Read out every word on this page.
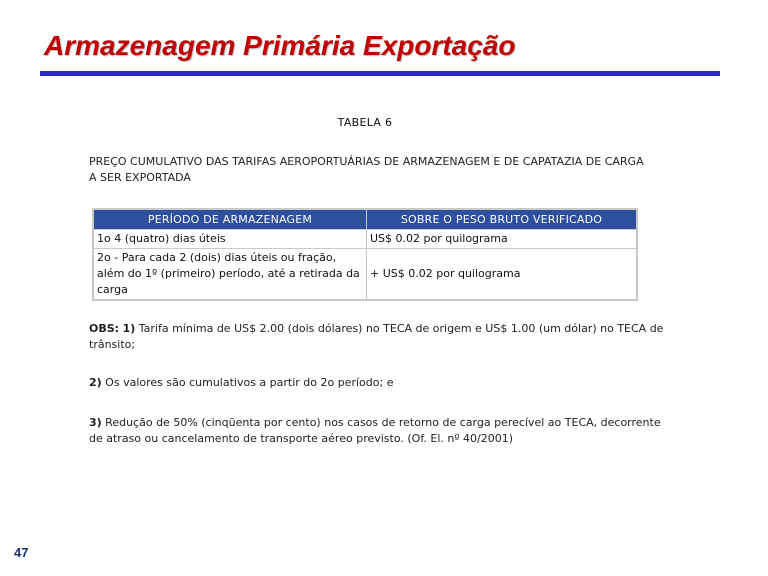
Armazenagem Primária Exportação
TABELA 6
PREÇO CUMULATIVO DAS TARIFAS AEROPORTUÁRIAS DE ARMAZENAGEM E DE CAPATAZIA DE CARGA A SER EXPORTADA
PERÍODO DE ARMAZENAGEM	SOBRE O PESO BRUTO VERIFICADO
1o 4 (quatro) dias úteis	US$ 0.02 por quilograma
2o - Para cada 2 (dois) dias úteis ou fração, além do 1º (primeiro) período, até a retirada da carga	+ US$ 0.02 por quilograma
OBS: 1) Tarifa mínima de US$ 2.00 (dois dólares) no TECA de origem e US$ 1.00 (um dólar) no TECA de trânsito;
2) Os valores são cumulativos a partir do 2o período; e
3) Redução de 50% (cinqüenta por cento) nos casos de retorno de carga perecível ao TECA, decorrente de atraso ou cancelamento de transporte aéreo previsto. (Of. El. nº 40/2001)
47
